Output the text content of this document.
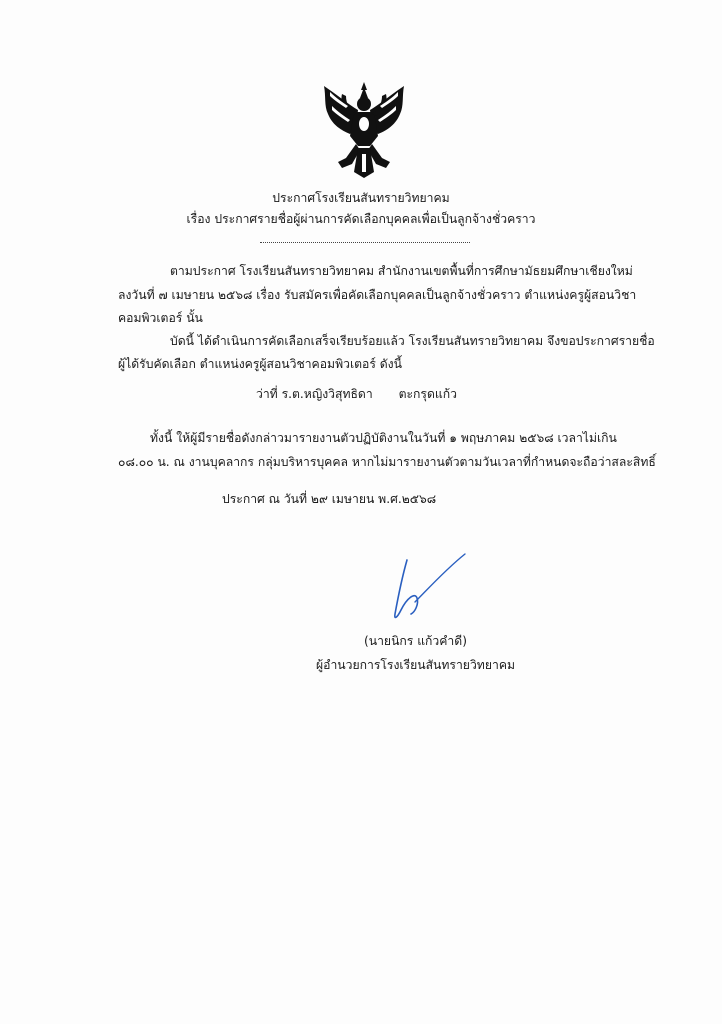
ประกาศโรงเรียนสันทรายวิทยาคม
เรื่อง ประกาศรายชื่อผู้ผ่านการคัดเลือกบุคคลเพื่อเป็นลูกจ้างชั่วคราว
ตามประกาศ โรงเรียนสันทรายวิทยาคม สำนักงานเขตพื้นที่การศึกษามัธยมศึกษาเชียงใหม่
ลงวันที่ ๗ เมษายน ๒๕๖๘ เรื่อง รับสมัครเพื่อคัดเลือกบุคคลเป็นลูกจ้างชั่วคราว ตำแหน่งครูผู้สอนวิชา
คอมพิวเตอร์ นั้น
บัดนี้ ได้ดำเนินการคัดเลือกเสร็จเรียบร้อยแล้ว โรงเรียนสันทรายวิทยาคม จึงขอประกาศรายชื่อ
ผู้ได้รับคัดเลือก ตำแหน่งครูผู้สอนวิชาคอมพิวเตอร์ ดังนี้
ว่าที่ ร.ต.หญิงวิสุทธิดา ตะกรุดแก้ว
ทั้งนี้ ให้ผู้มีรายชื่อดังกล่าวมารายงานตัวปฏิบัติงานในวันที่ ๑ พฤษภาคม ๒๕๖๘ เวลาไม่เกิน
๐๘.๐๐ น. ณ งานบุคลากร กลุ่มบริหารบุคคล หากไม่มารายงานตัวตามวันเวลาที่กำหนดจะถือว่าสละสิทธิ์
ประกาศ ณ วันที่ ๒๙ เมษายน พ.ศ.๒๕๖๘
(นายนิกร แก้วคำดี)
ผู้อำนวยการโรงเรียนสันทรายวิทยาคม
